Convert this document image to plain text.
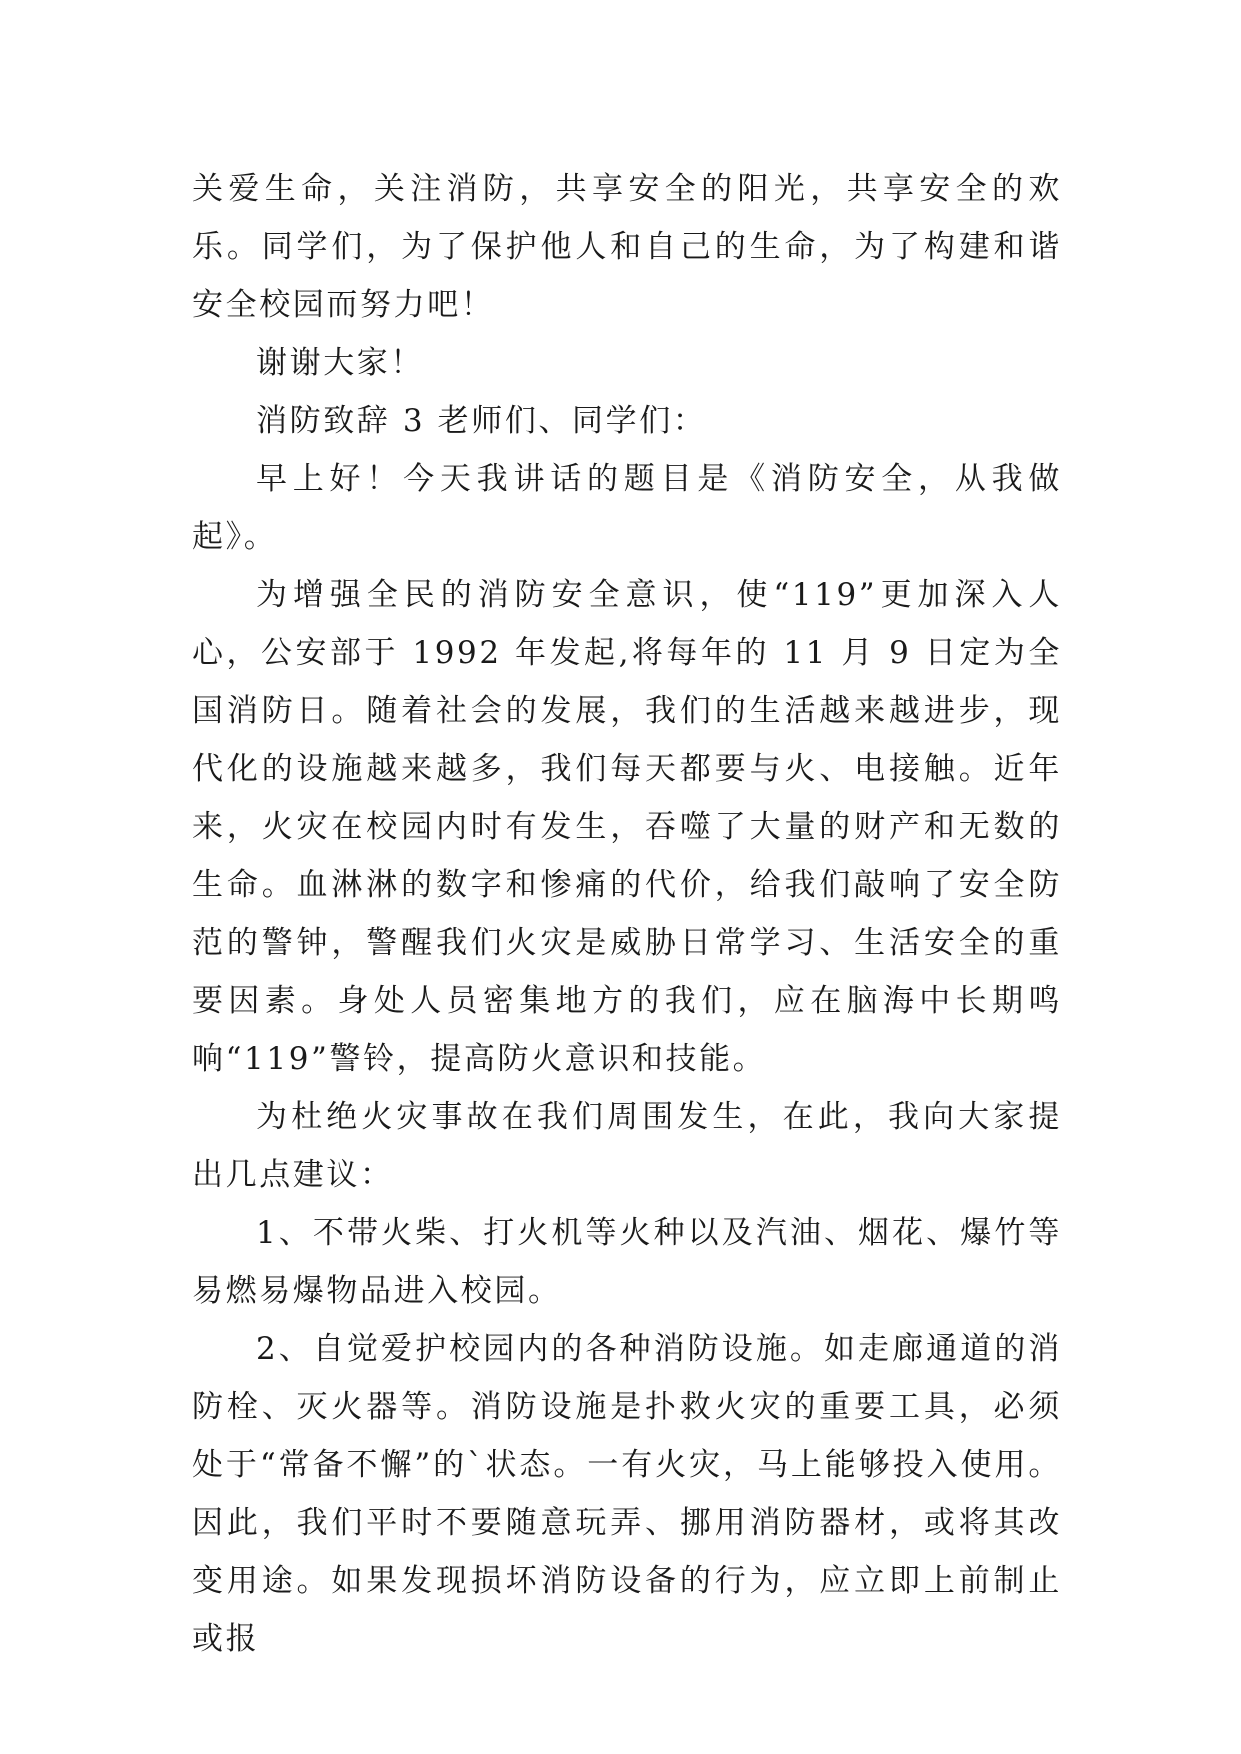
关爱生命，关注消防，共享安全的阳光，共享安全的欢乐。同学们，为了保护他人和自己的生命，为了构建和谐安全校园而努力吧！

谢谢大家！

消防致辞 3 老师们、同学们：

早上好！今天我讲话的题目是《消防安全，从我做起》。

为增强全民的消防安全意识，使“119”更加深入人心，公安部于 1992 年发起,将每年的 11 月 9 日定为全国消防日。随着社会的发展，我们的生活越来越进步，现代化的设施越来越多，我们每天都要与火、电接触。近年来，火灾在校园内时有发生，吞噬了大量的财产和无数的生命。血淋淋的数字和惨痛的代价，给我们敲响了安全防范的警钟，警醒我们火灾是威胁日常学习、生活安全的重要因素。身处人员密集地方的我们，应在脑海中长期鸣响“119”警铃，提高防火意识和技能。

为杜绝火灾事故在我们周围发生，在此，我向大家提出几点建议：

1、不带火柴、打火机等火种以及汽油、烟花、爆竹等易燃易爆物品进入校园。

2、自觉爱护校园内的各种消防设施。如走廊通道的消防栓、灭火器等。消防设施是扑救火灾的重要工具，必须处于“常备不懈”的`状态。一有火灾，马上能够投入使用。因此，我们平时不要随意玩弄、挪用消防器材，或将其改变用途。如果发现损坏消防设备的行为，应立即上前制止或报
